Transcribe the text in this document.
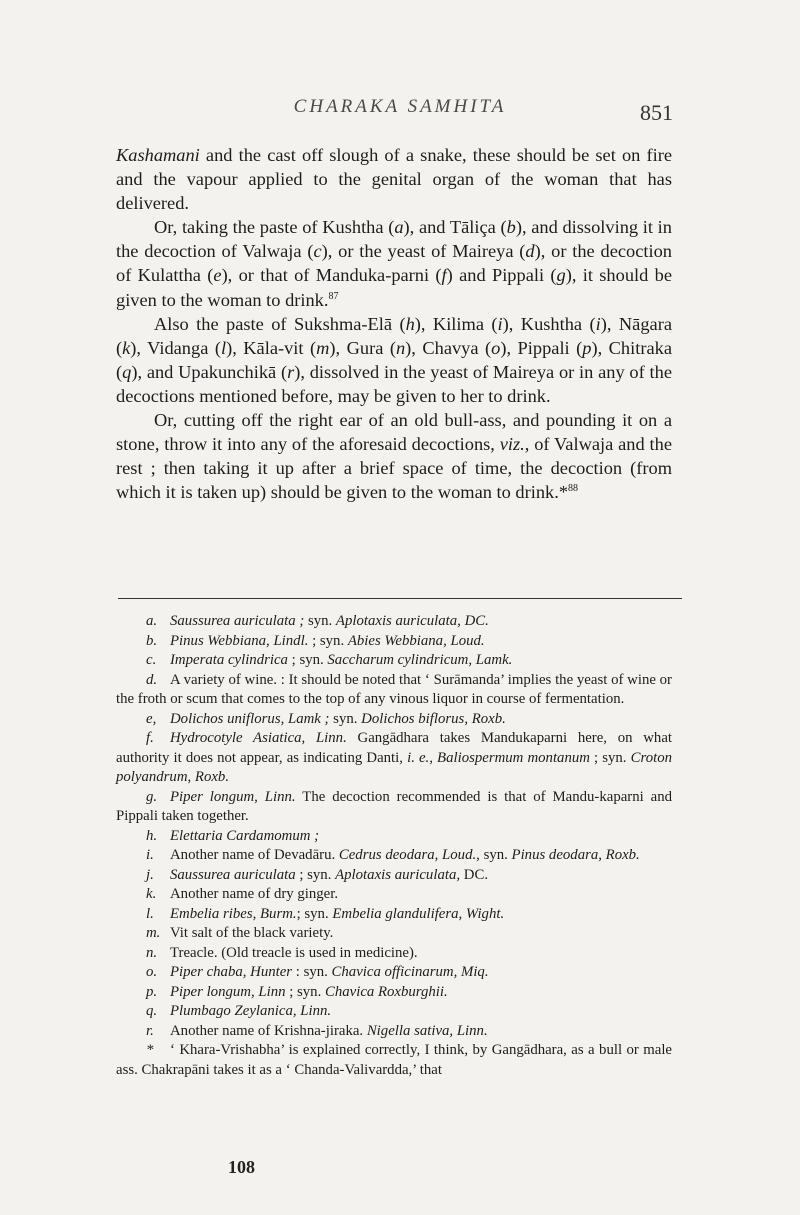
CHARAKA SAMHITA	851

Kashamani and the cast off slough of a snake, these should be set on fire and the vapour applied to the genital organ of the woman that has delivered.

Or, taking the paste of Kushtha (a), and Tāliça (b), and dissolving it in the decoction of Valwaja (c), or the yeast of Maireya (d), or the decoction of Kulattha (e), or that of Manduka-parni (f) and Pippali (g), it should be given to the woman to drink.$^{87}$

Also the paste of Sukshma-Elā (h), Kilima (i), Kushtha (i), Nāgara (k), Vidanga (l), Kāla-vit (m), Gura (n), Chavya (o), Pippali (p), Chitraka (q), and Upakunchikā (r), dissolved in the yeast of Maireya or in any of the decoctions mentioned before, may be given to her to drink.

Or, cutting off the right ear of an old bull-ass, and pounding it on a stone, throw it into any of the aforesaid decoctions, viz., of Valwaja and the rest ; then taking it up after a brief space of time, the decoction (from which it is taken up) should be given to the woman to drink.*$^{88}$

a. Saussurea auriculata ; syn. Aplotaxis auriculata, DC.

b. Pinus Webbiana, Lindl. ; syn. Abies Webbiana, Loud.

c. Imperata cylindrica ; syn. Saccharum cylindricum, Lamk.

d. A variety of wine. : It should be noted that ‘ Surāmanda’ implies the yeast of wine or the froth or scum that comes to the top of any vinous liquor in course of fermentation.

e, Dolichos uniflorus, Lamk ; syn. Dolichos biflorus, Roxb.

f. Hydrocotyle Asiatica, Linn. Gangādhara takes Mandukaparni here, on what authority it does not appear, as indicating Danti, i. e., Baliospermum montanum ; syn. Croton polyandrum, Roxb.

g. Piper longum, Linn. The decoction recommended is that of Mandu-kaparni and Pippali taken together.

h. Elettaria Cardamomum ;

i. Another name of Devadāru. Cedrus deodara, Loud., syn. Pinus deodara, Roxb.

j. Saussurea auriculata ; syn. Aplotaxis auriculata, DC.

k. Another name of dry ginger.

l. Embelia ribes, Burm.; syn. Embelia glandulifera, Wight.

m. Vit salt of the black variety.

n. Treacle. (Old treacle is used in medicine).

o. Piper chaba, Hunter : syn. Chavica officinarum, Miq.

p. Piper longum, Linn ; syn. Chavica Roxburghii.

q. Plumbago Zeylanica, Linn.

r. Another name of Krishna-jiraka. Nigella sativa, Linn.

* ‘ Khara-Vrishabha’ is explained correctly, I think, by Gangādhara, as a bull or male ass. Chakrapāni takes it as a ‘ Chanda-Valivardda,’ that

108
